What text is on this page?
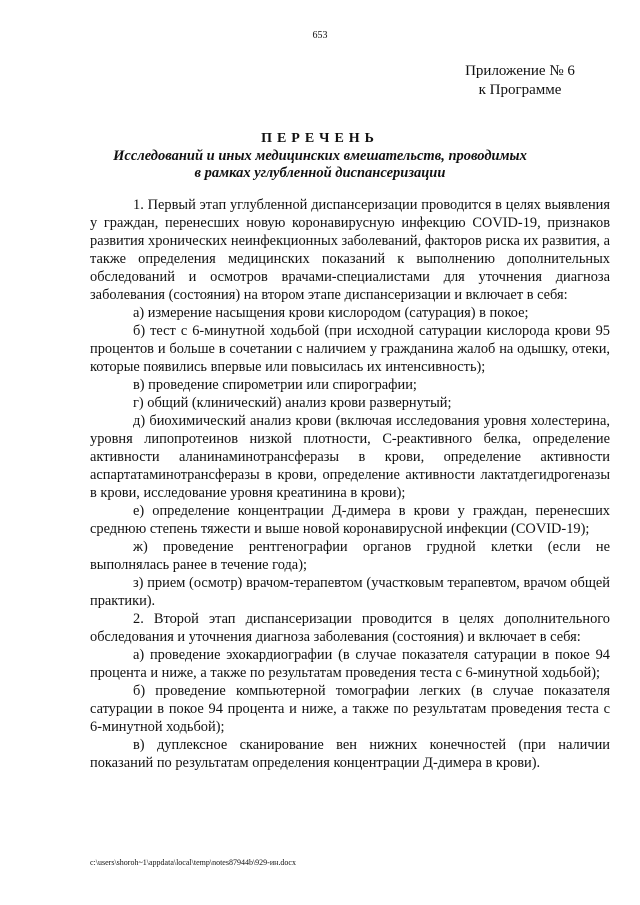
653
Приложение № 6
к Программе
ПЕРЕЧЕНЬ
Исследований и иных медицинских вмешательств, проводимых
в рамках углубленной диспансеризации

1. Первый этап углубленной диспансеризации проводится в целях выявления у граждан, перенесших новую коронавирусную инфекцию COVID-19, признаков развития хронических неинфекционных заболеваний, факторов риска их развития, а также определения медицинских показаний к выполнению дополнительных обследований и осмотров врачами-специалистами для уточнения диагноза заболевания (состояния) на втором этапе диспансеризации и включает в себя:

а) измерение насыщения крови кислородом (сатурация) в покое;

б) тест с 6-минутной ходьбой (при исходной сатурации кислорода крови 95 процентов и больше в сочетании с наличием у гражданина жалоб на одышку, отеки, которые появились впервые или повысилась их интенсивность);

в) проведение спирометрии или спирографии;

г) общий (клинический) анализ крови развернутый;

д) биохимический анализ крови (включая исследования уровня холестерина, уровня липопротеинов низкой плотности, С-реактивного белка, определение активности аланинаминотрансферазы в крови, определение активности аспартатаминотрансферазы в крови, определение активности лактатдегидрогеназы в крови, исследование уровня креатинина в крови);

е) определение концентрации Д-димера в крови у граждан, перенесших среднюю степень тяжести и выше новой коронавирусной инфекции (COVID-19);

ж) проведение рентгенографии органов грудной клетки (если не выполнялась ранее в течение года);

з) прием (осмотр) врачом-терапевтом (участковым терапевтом, врачом общей практики).

2. Второй этап диспансеризации проводится в целях дополнительного обследования и уточнения диагноза заболевания (состояния) и включает в себя:

а) проведение эхокардиографии (в случае показателя сатурации в покое 94 процента и ниже, а также по результатам проведения теста с 6-минутной ходьбой);

б) проведение компьютерной томографии легких (в случае показателя сатурации в покое 94 процента и ниже, а также по результатам проведения теста с 6-минутной ходьбой);

в) дуплексное сканирование вен нижних конечностей (при наличии показаний по результатам определения концентрации Д-димера в крови).

c:\users\shoroh~1\appdata\local\temp\notes87944b\929-ин.docx
